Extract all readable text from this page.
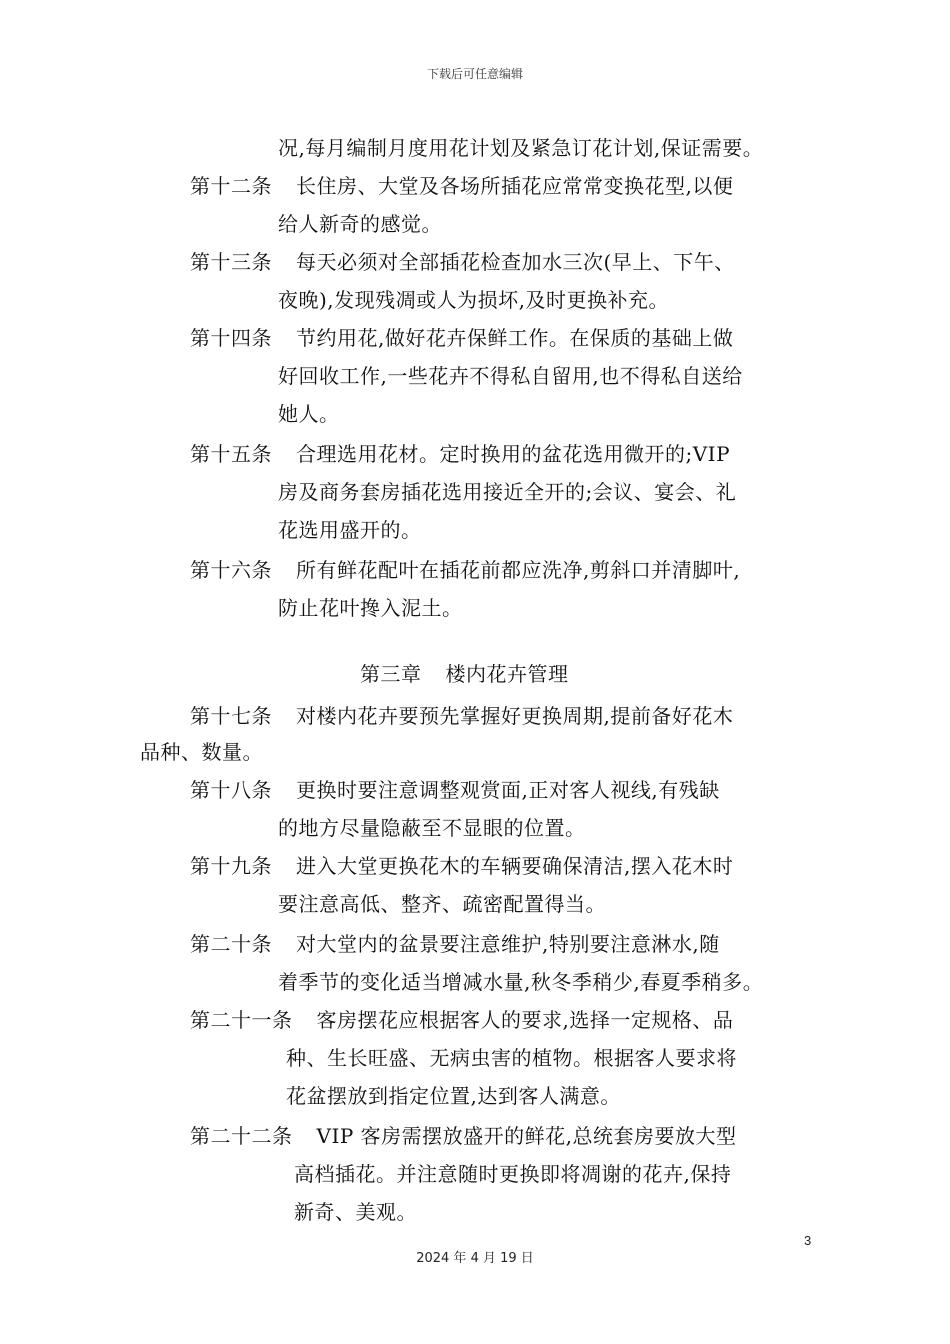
下载后可任意编辑
况,每月编制月度用花计划及紧急订花计划,保证需要。
第十二条 长住房、大堂及各场所插花应常常变换花型,以便
给人新奇的感觉。
第十三条 每天必须对全部插花检查加水三次(早上、下午、
夜晚),发现残凋或人为损坏,及时更换补充。
第十四条 节约用花,做好花卉保鲜工作。在保质的基础上做
好回收工作,一些花卉不得私自留用,也不得私自送给
她人。
第十五条 合理选用花材。定时换用的盆花选用微开的;VIP
房及商务套房插花选用接近全开的;会议、宴会、礼
花选用盛开的。
第十六条 所有鲜花配叶在插花前都应洗净,剪斜口并清脚叶,
防止花叶搀入泥土。
第三章 楼内花卉管理
第十七条 对楼内花卉要预先掌握好更换周期,提前备好花木
品种、数量。
第十八条 更换时要注意调整观赏面,正对客人视线,有残缺
的地方尽量隐蔽至不显眼的位置。
第十九条 进入大堂更换花木的车辆要确保清洁,摆入花木时
要注意高低、整齐、疏密配置得当。
第二十条 对大堂内的盆景要注意维护,特别要注意淋水,随
着季节的变化适当增减水量,秋冬季稍少,春夏季稍多。
第二十一条 客房摆花应根据客人的要求,选择一定规格、品
种、生长旺盛、无病虫害的植物。根据客人要求将
花盆摆放到指定位置,达到客人满意。
第二十二条 VIP 客房需摆放盛开的鲜花,总统套房要放大型
高档插花。并注意随时更换即将凋谢的花卉,保持
新奇、美观。
3
2024 年 4 月 19 日
